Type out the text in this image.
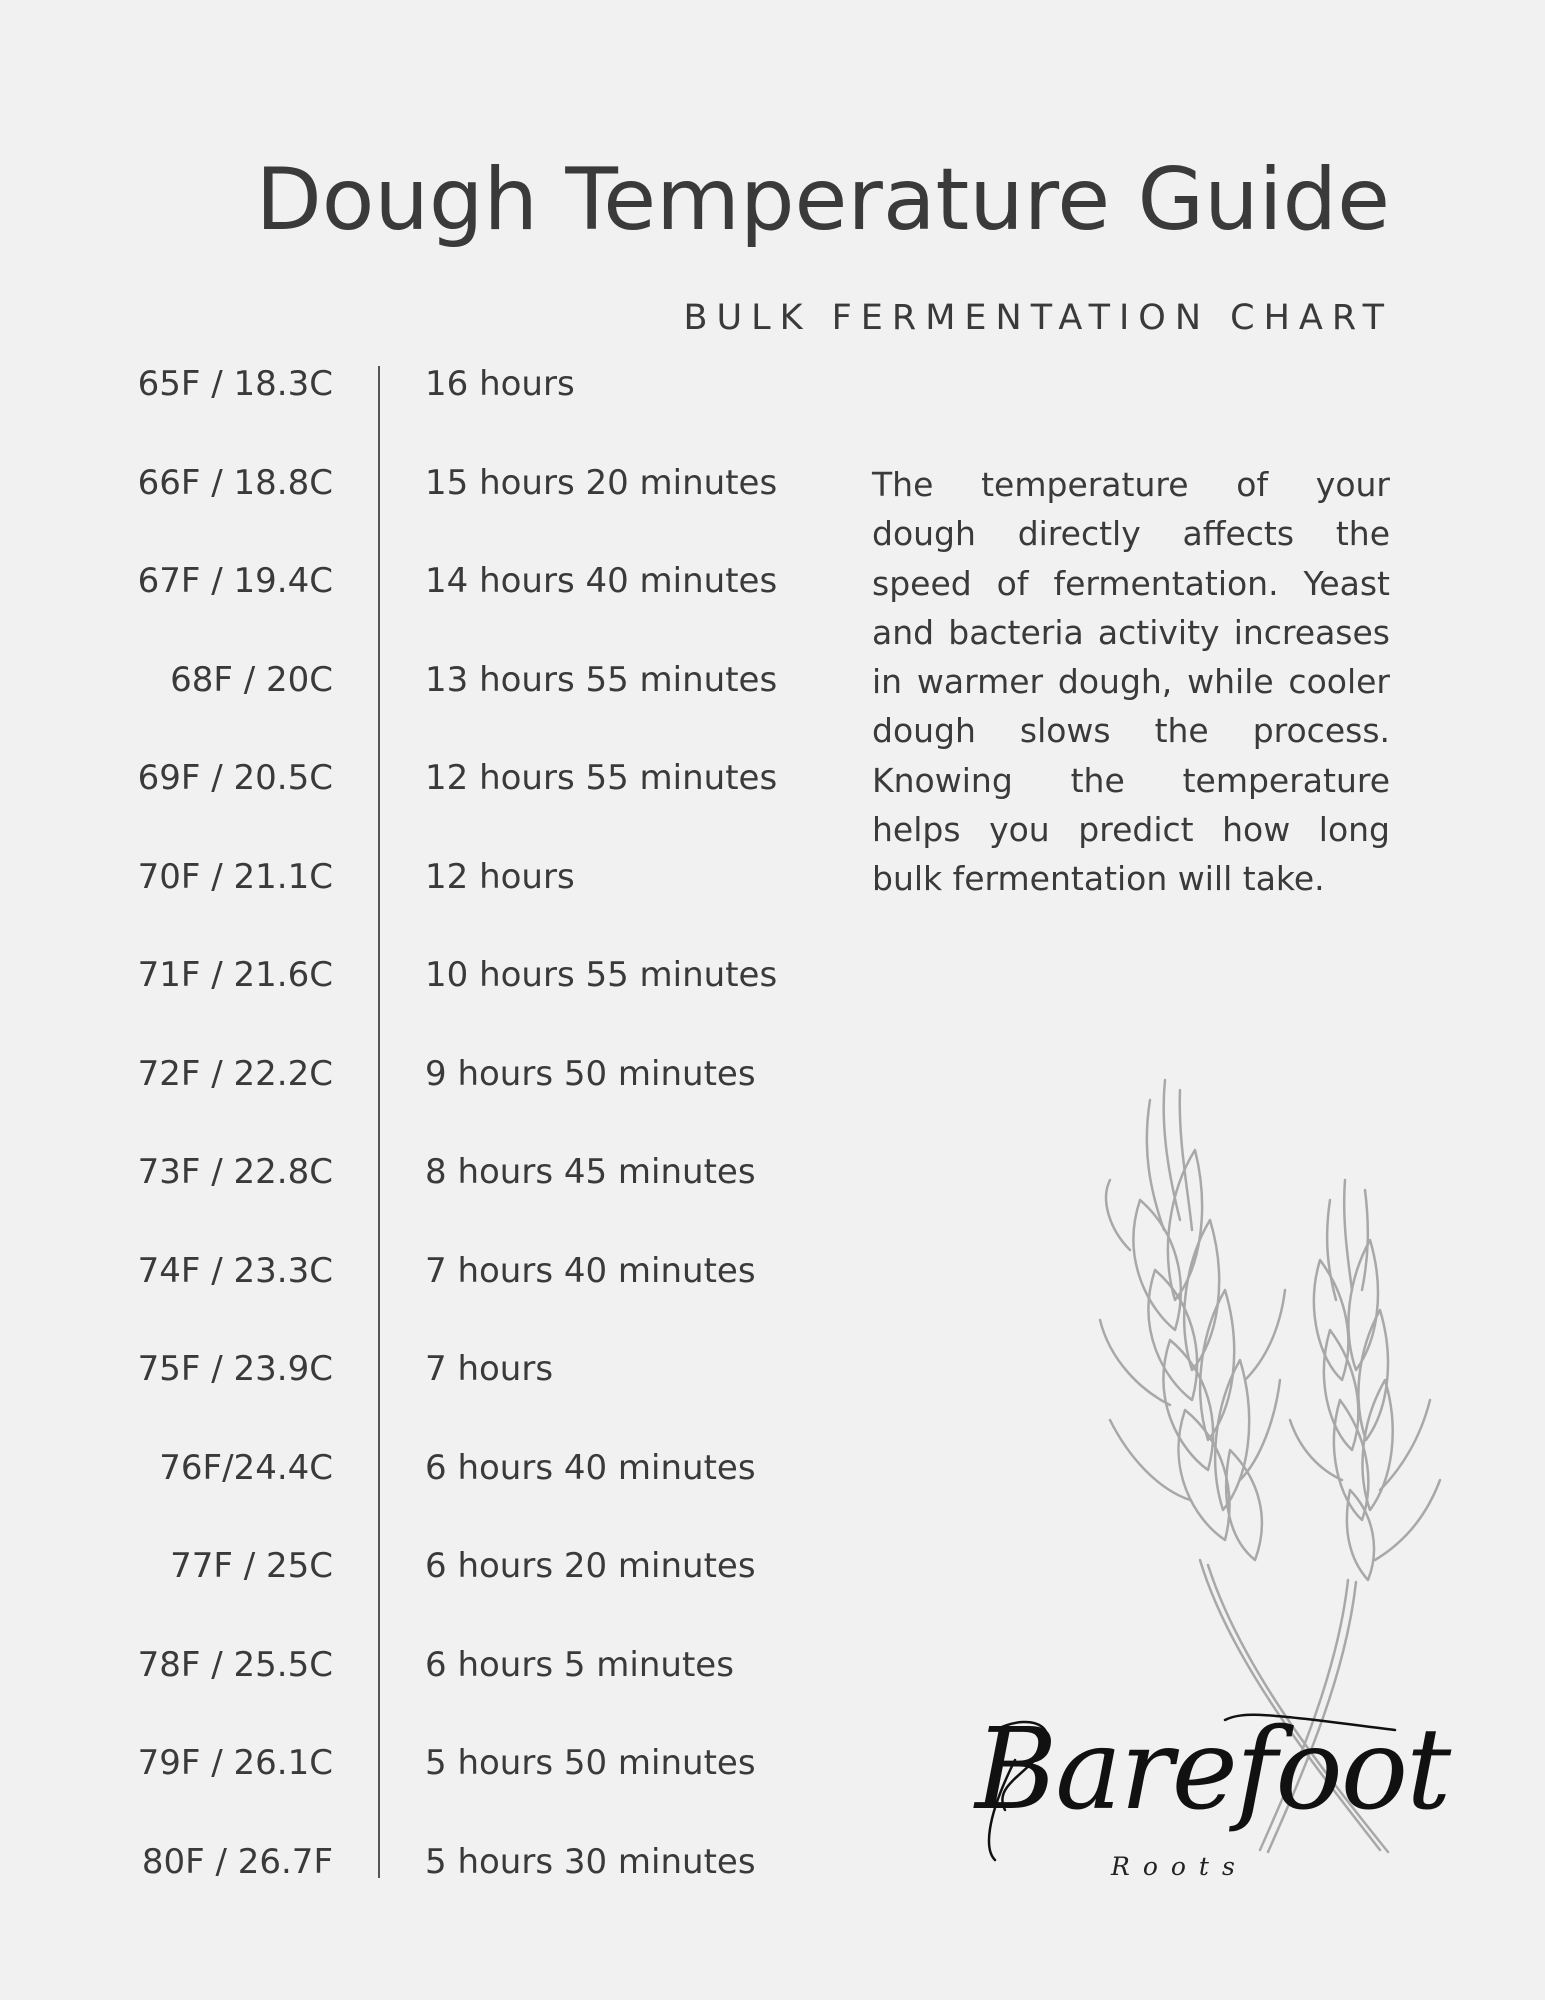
Dough Temperature Guide
BULK FERMENTATION CHART
65F / 18.3C	16 hours
66F / 18.8C	15 hours 20 minutes
67F / 19.4C	14 hours 40 minutes
68F / 20C	13 hours 55 minutes
69F / 20.5C	12 hours 55 minutes
70F / 21.1C	12 hours
71F / 21.6C	10 hours 55 minutes
72F / 22.2C	9 hours 50 minutes
73F / 22.8C	8 hours 45 minutes
74F / 23.3C	7 hours 40 minutes
75F / 23.9C	7 hours
76F/24.4C	6 hours 40 minutes
77F / 25C	6 hours 20 minutes
78F / 25.5C	6 hours 5 minutes
79F / 26.1C	5 hours 50 minutes
80F / 26.7F	5 hours 30 minutes

The temperature of your dough directly affects the speed of fermentation. Yeast and bacteria activity increases in warmer dough, while cooler dough slows the process. Knowing the temperature helps you predict how long bulk fermentation will take.

Barefoot
Roots
